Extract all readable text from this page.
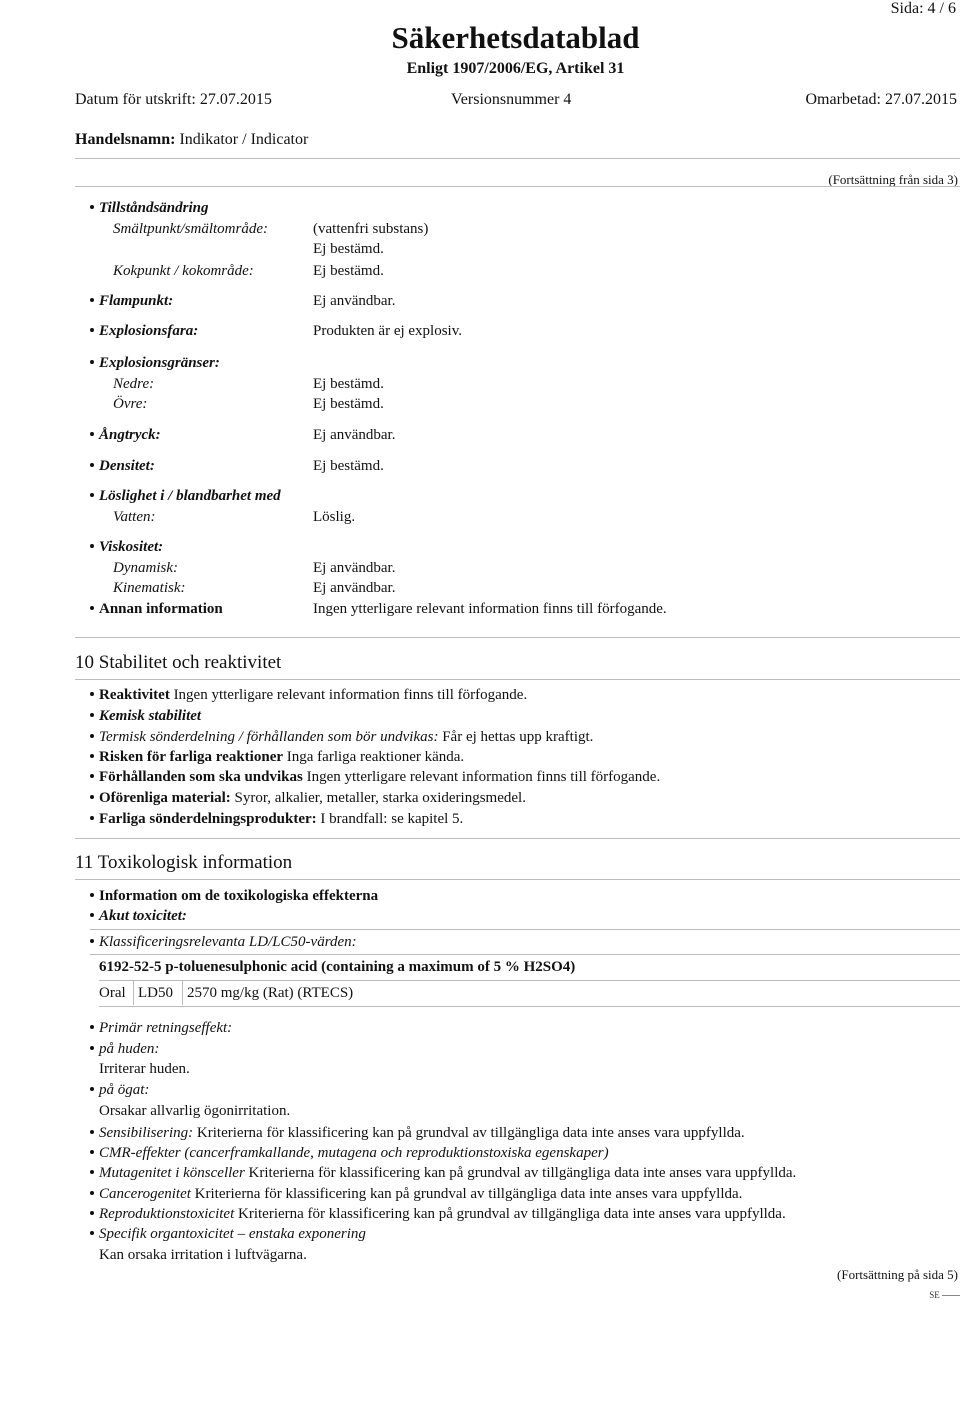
Sida: 4 / 6
Säkerhetsdatablad
Enligt 1907/2006/EG, Artikel 31
Datum för utskrift: 27.07.2015	Versionsnummer 4	Omarbetad: 27.07.2015
Handelsnamn: Indikator / Indicator
(Fortsättning från sida 3)
Tillståndsändring
Smältpunkt/smältområde:	(vattenfri substans)
Ej bestämd.
Kokpunkt / kokområde:	Ej bestämd.
Flampunkt:	Ej användbar.
Explosionsfara:	Produkten är ej explosiv.
Explosionsgränser:
Nedre:	Ej bestämd.
Övre:	Ej bestämd.
Ångtryck:	Ej användbar.
Densitet:	Ej bestämd.
Löslighet i / blandbarhet med
Vatten:	Löslig.
Viskositet:
Dynamisk:	Ej användbar.
Kinematisk:	Ej användbar.
Annan information	Ingen ytterligare relevant information finns till förfogande.
10 Stabilitet och reaktivitet
Reaktivitet Ingen ytterligare relevant information finns till förfogande.
Kemisk stabilitet
Termisk sönderdelning / förhållanden som bör undvikas: Får ej hettas upp kraftigt.
Risken för farliga reaktioner Inga farliga reaktioner kända.
Förhållanden som ska undvikas Ingen ytterligare relevant information finns till förfogande.
Oförenliga material: Syror, alkalier, metaller, starka oxideringsmedel.
Farliga sönderdelningsprodukter: I brandfall: se kapitel 5.
11 Toxikologisk information
Information om de toxikologiska effekterna
Akut toxicitet:
Klassificeringsrelevanta LD/LC50-värden:
6192-52-5 p-toluenesulphonic acid (containing a maximum of 5 % H2SO4)
Oral LD50 2570 mg/kg (Rat) (RTECS)
Primär retningseffekt:
på huden:
Irriterar huden.
på ögat:
Orsakar allvarlig ögonirritation.
Sensibilisering: Kriterierna för klassificering kan på grundval av tillgängliga data inte anses vara uppfyllda.
CMR-effekter (cancerframkallande, mutagena och reproduktionstoxiska egenskaper)
Mutagenitet i könsceller Kriterierna för klassificering kan på grundval av tillgängliga data inte anses vara uppfyllda.
Cancerogenitet Kriterierna för klassificering kan på grundval av tillgängliga data inte anses vara uppfyllda.
Reproduktionstoxicitet Kriterierna för klassificering kan på grundval av tillgängliga data inte anses vara uppfyllda.
Specifik organtoxicitet – enstaka exponering
Kan orsaka irritation i luftvägarna.
(Fortsättning på sida 5)
SE
